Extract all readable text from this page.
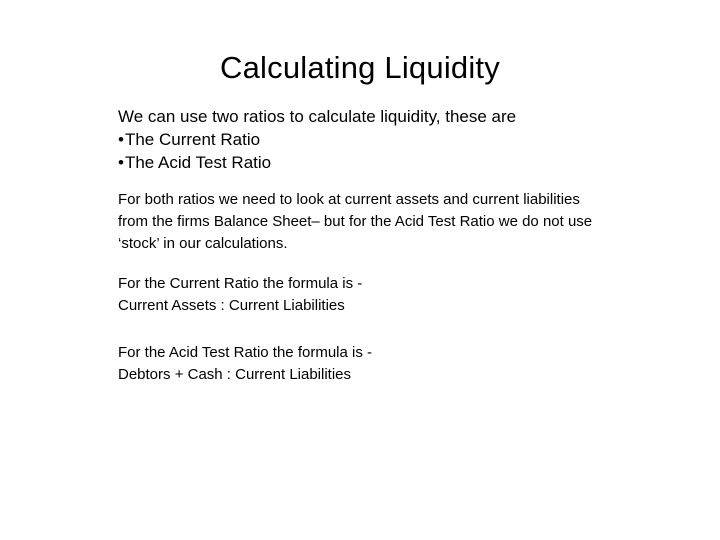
Calculating Liquidity

We can use two ratios to calculate liquidity, these are

• The Current Ratio

• The Acid Test Ratio

For both ratios we need to look at current assets and current liabilities

from the firms Balance Sheet– but for the Acid Test Ratio we do not use

‘stock’ in our calculations.

For the Current Ratio the formula is -

Current Assets : Current Liabilities

For the Acid Test Ratio the formula is -

Debtors + Cash : Current Liabilities
